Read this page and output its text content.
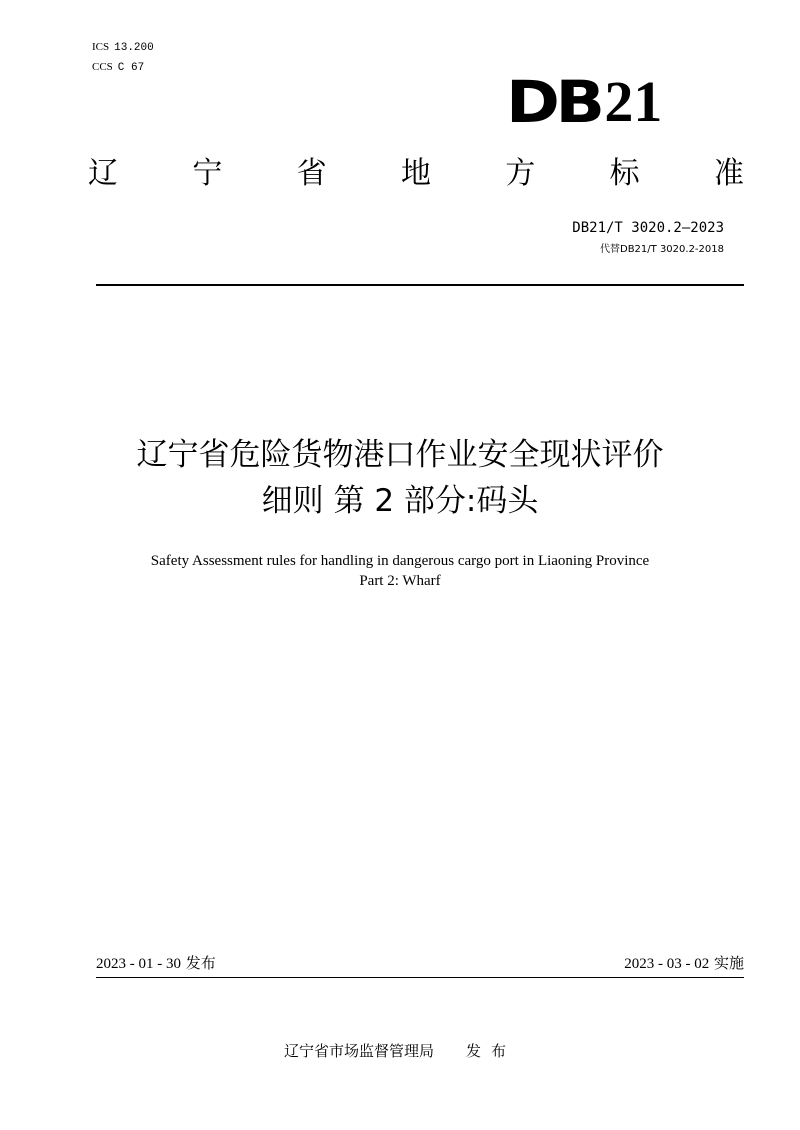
ICS 13.200
CCS C 67	DB 21
辽 宁 省 地 方 标 准
DB21/T 3020.2—2023
代替DB21/T 3020.2-2018
辽宁省危险货物港口作业安全现状评价
细则 第 2 部分:码头
Safety Assessment rules for handling in dangerous cargo port in Liaoning Province
Part 2: Wharf
2023 - 01 - 30 发布	2023 - 03 - 02 实施
辽宁省市场监督管理局 发布
